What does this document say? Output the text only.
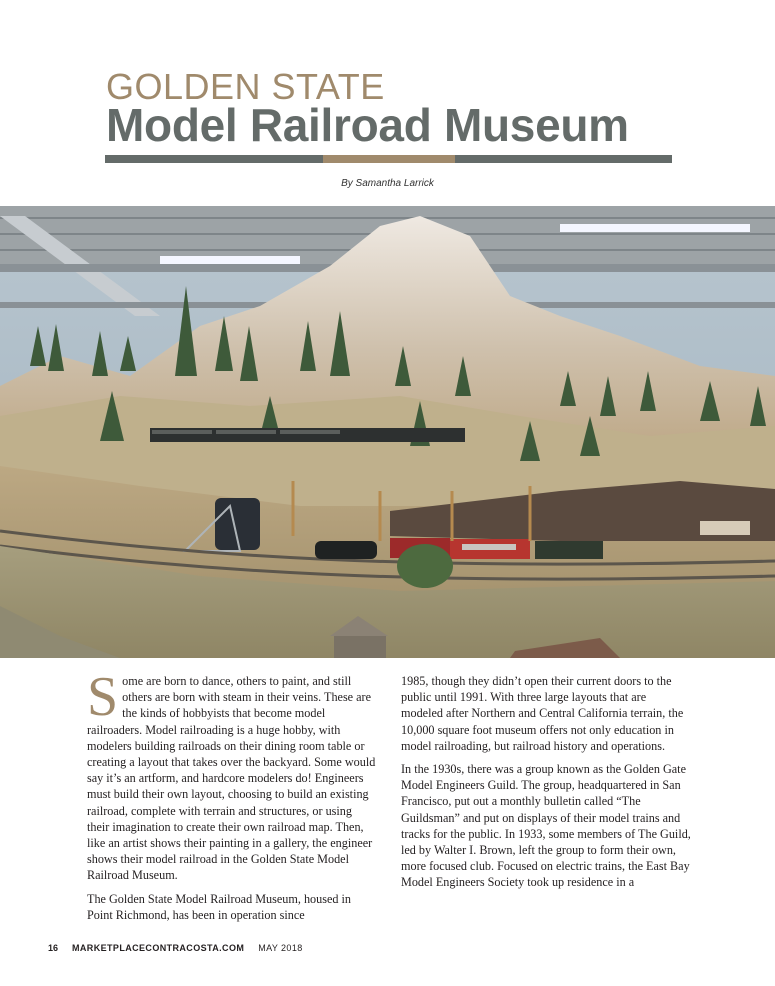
GOLDEN STATE
Model Railroad Museum
By Samantha Larrick

Some are born to dance, others to paint, and still others are born with steam in their veins. These are the kinds of hobbyists that become model railroaders. Model railroading is a huge hobby, with modelers building railroads on their dining room table or creating a layout that takes over the backyard. Some would say it’s an artform, and hardcore modelers do! Engineers must build their own layout, choosing to build an existing railroad, complete with terrain and structures, or using their imagination to create their own railroad map. Then, like an artist shows their painting in a gallery, the engineer shows their model railroad in the Golden State Model Railroad Museum.

The Golden State Model Railroad Museum, housed in Point Richmond, has been in operation since

1985, though they didn’t open their current doors to the public until 1991. With three large layouts that are modeled after Northern and Central California terrain, the 10,000 square foot museum offers not only education in model railroading, but railroad history and operations.

In the 1930s, there was a group known as the Golden Gate Model Engineers Guild. The group, headquartered in San Francisco, put out a monthly bulletin called “The Guildsman” and put on displays of their model trains and tracks for the public. In 1933, some members of The Guild, led by Walter I. Brown, left the group to form their own, more focused club. Focused on electric trains, the East Bay Model Engineers Society took up residence in a

16 MARKETPLACECONTRACOSTA.COM MAY 2018
